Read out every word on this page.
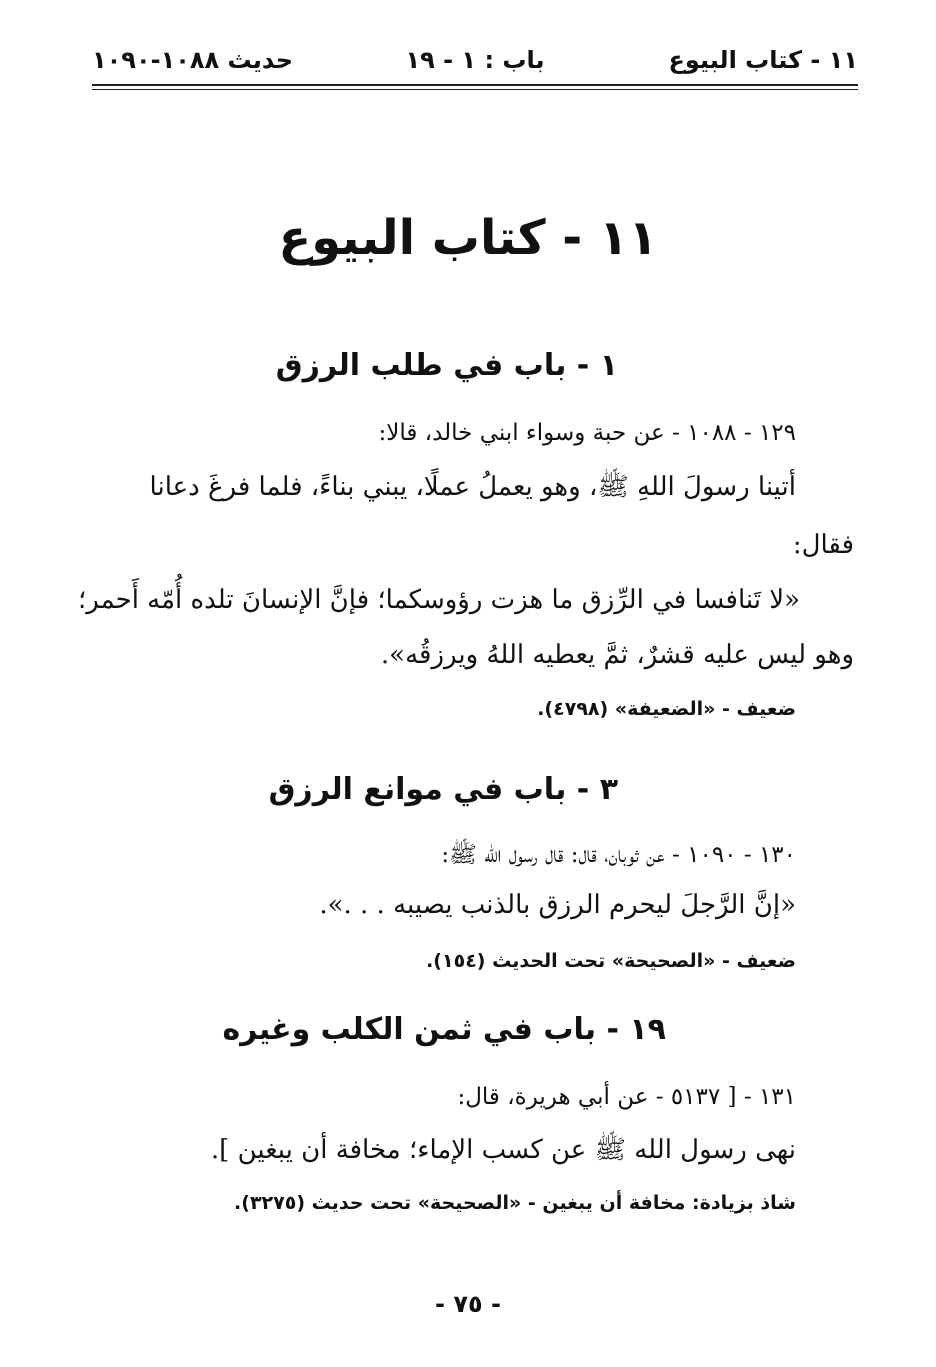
١١ - كتاب البيوع
باب : ١ - ١٩
حديث ١٠٨٨-١٠٩٠
١١ - كتاب البيوع
١ - باب في طلب الرزق
١٢٩ - ١٠٨٨ - عن حبة وسواء ابني خالد، قالا:
أتينا رسولَ اللهِ ﷺ، وهو يعملُ عملًا، يبني بناءً، فلما فرغَ دعانا
فقال:
«لا تَنافسا في الرِّزق ما هزت رؤوسكما؛ فإنَّ الإنسانَ تلده أُمّه أَحمر؛
وهو ليس عليه قشرٌ، ثمَّ يعطيه اللهُ ويرزقُه».
ضعيف - «الضعيفة» (٤٧٩٨).
٣ - باب في موانع الرزق
١٣٠ - ١٠٩٠ - عن ثوبان، قال: قال رسول الله ﷺ:
«إنَّ الرَّجلَ ليحرم الرزق بالذنب يصيبه . . .».
ضعيف - «الصحيحة» تحت الحديث (١٥٤).
١٩ - باب في ثمن الكلب وغيره
١٣١ - [ ٥١٣٧ - عن أبي هريرة، قال:
نهى رسول الله ﷺ عن كسب الإماء؛ مخافة أن يبغين ].
شاذ بزيادة: مخافة أن يبغين - «الصحيحة» تحت حديث (٣٢٧٥).
- ٧٥ -
